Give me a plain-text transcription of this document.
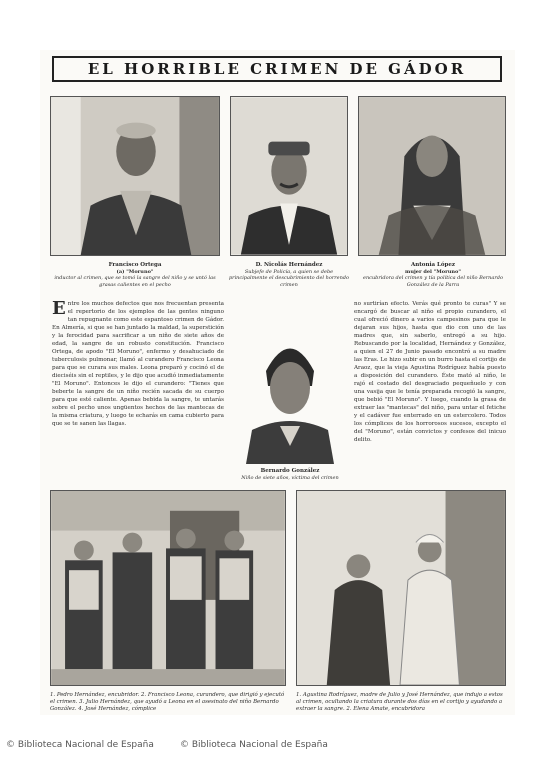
EL HORRIBLE CRIMEN DE GÁDOR
Francisco Ortega
(a) "Moruno"
inductor al crimen, que se tomó la sangre del niño y se untó las grasas calientes en el pecho
D. Nicolás Hernández
Subjefe de Policía, a quien se debe principalmente el descubrimiento del horrendo crimen
Antonia López
mujer del "Moruno"
encubridora del crimen y tía política del niño Bernardo González de la Parra

Entre los muchos defectos que nos frecuentan presenta el repertorio de los ejemplos de las gentes ninguno tan repugnante como este espantoso crimen de Gádor. En Almería, si que se han juntado la maldad, la superstición y la ferocidad para sacrificar a un niño de siete años de edad, la sangre de un robusto constitución. Francisco Ortega, de apodo "El Moruno", enfermo y desahuciado de tuberculosis pulmonar, llamó al curandero Francisco Leona para que se curara sus males. Leona preparó y cocinó el de dieciséis sin el reptiles, y le dijo que acudió inmediatamente "El Moruno". Entonces le dijo el curandero: "Tienes que beberte la sangre de un niño recién sacada de su cuerpo para que esté caliente. Apenas bebida la sangre, te untarás sobre el pecho unos ungüentos hechos de las mantecas de la misma criatura, y luego te echarás en cama cubierto para que se te sanen las llagas.

Bernardo González
Niño de siete años, víctima del crimen

no surtirían efecto. Verás qué pronto te curas" Y se encargó de buscar al niño el propio curandero, el cual ofreció dinero a varios campesinos para que le dejaran sus hijos, hasta que dio con uno de las madres que, sin saberlo, entregó a su hijo. Rebuscando por la localidad, Hernández y González, a quien el 27 de Junio pasado encontró a su madre las Eras. Le hizo subir en un burro hasta el cortijo de Araoz, que la vieja Agustina Rodríguez había puesto a disposición del curandero. Éste mató al niño, le rajó el costado del desgraciado pequeñuelo y con una vasija que le tenía preparada recogió la sangre, que bebió "El Moruno". Y luego, cuando la grasa de extraer las "mantecas" del niño, para untar el fetiche y el cadáver fue enterrado en un estercolero. Todos los cómplices de los horrorosos sucesos, excepto el del "Moruno", están convictos y confesos del inicuo delito.

1. Pedro Hernández, encubridor. 2. Francisco Leona, curandero, que dirigió y ejecutó el crimen. 3. Julio Hernández, que ayudó a Leona en el asesinato del niño Bernardo González. 4. José Hernández, cómplice
1. Agustina Rodríguez, madre de Julio y José Hernández, que indujo a estos al crimen, ocultando la criatura durante dos días en el cortijo y ayudando a extraer la sangre. 2. Elena Amate, encubridora
© Biblioteca Nacional de España	© Biblioteca Nacional de España
